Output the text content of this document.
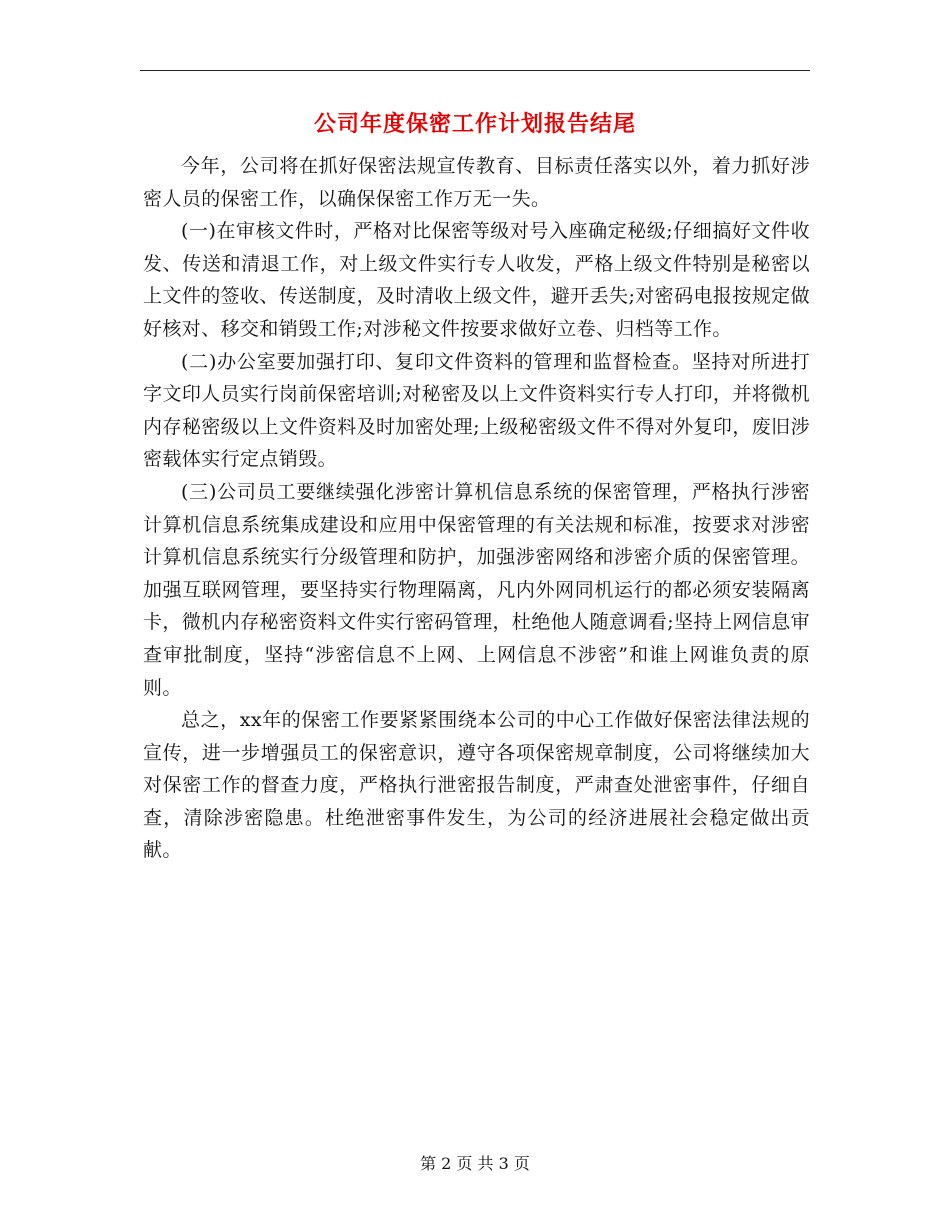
公司年度保密工作计划报告结尾

今年，公司将在抓好保密法规宣传教育、目标责任落实以外，着力抓好涉密人员的保密工作，以确保保密工作万无一失。

(一)在审核文件时，严格对比保密等级对号入座确定秘级;仔细搞好文件收发、传送和清退工作，对上级文件实行专人收发，严格上级文件特别是秘密以上文件的签收、传送制度，及时清收上级文件，避开丢失;对密码电报按规定做好核对、移交和销毁工作;对涉秘文件按要求做好立卷、归档等工作。

(二)办公室要加强打印、复印文件资料的管理和监督检查。坚持对所进打字文印人员实行岗前保密培训;对秘密及以上文件资料实行专人打印，并将微机内存秘密级以上文件资料及时加密处理;上级秘密级文件不得对外复印，废旧涉密载体实行定点销毁。

(三)公司员工要继续强化涉密计算机信息系统的保密管理，严格执行涉密计算机信息系统集成建设和应用中保密管理的有关法规和标准，按要求对涉密计算机信息系统实行分级管理和防护，加强涉密网络和涉密介质的保密管理。加强互联网管理，要坚持实行物理隔离，凡内外网同机运行的都必须安装隔离卡，微机内存秘密资料文件实行密码管理，杜绝他人随意调看;坚持上网信息审查审批制度，坚持“涉密信息不上网、上网信息不涉密”和谁上网谁负责的原则。

总之，xx年的保密工作要紧紧围绕本公司的中心工作做好保密法律法规的宣传，进一步增强员工的保密意识，遵守各项保密规章制度，公司将继续加大对保密工作的督查力度，严格执行泄密报告制度，严肃查处泄密事件，仔细自查，清除涉密隐患。杜绝泄密事件发生，为公司的经济进展社会稳定做出贡献。

第 2 页 共 3 页
